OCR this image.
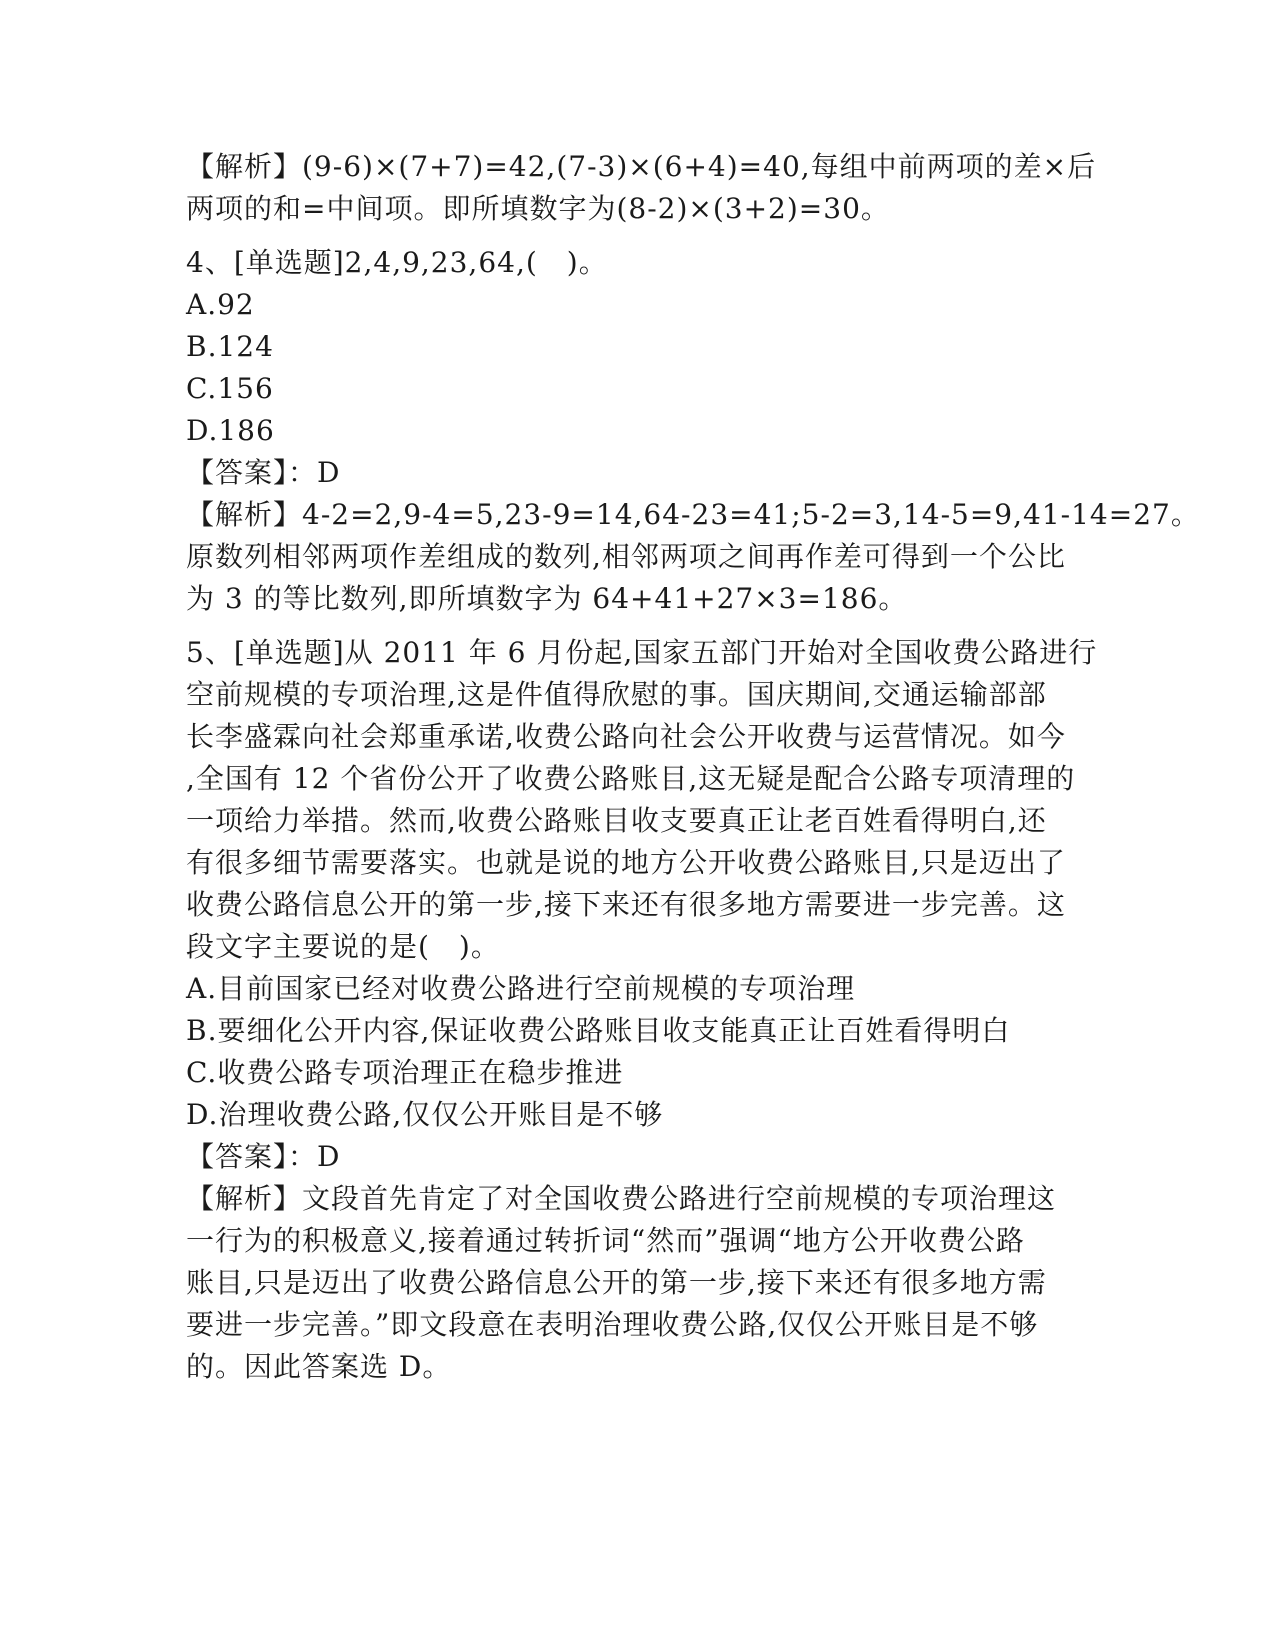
【解析】(9-6)×(7+7)=42,(7-3)×(6+4)=40,每组中前两项的差×后
两项的和=中间项。即所填数字为(8-2)×(3+2)=30。
4、[单选题]2,4,9,23,64,(　)。
A.92
B.124
C.156
D.186
【答案】：D
【解析】4-2=2,9-4=5,23-9=14,64-23=41;5-2=3,14-5=9,41-14=27。
原数列相邻两项作差组成的数列,相邻两项之间再作差可得到一个公比
为 3 的等比数列,即所填数字为 64+41+27×3=186。
5、[单选题]从 2011 年 6 月份起,国家五部门开始对全国收费公路进行
空前规模的专项治理,这是件值得欣慰的事。国庆期间,交通运输部部
长李盛霖向社会郑重承诺,收费公路向社会公开收费与运营情况。如今
,全国有 12 个省份公开了收费公路账目,这无疑是配合公路专项清理的
一项给力举措。然而,收费公路账目收支要真正让老百姓看得明白,还
有很多细节需要落实。也就是说的地方公开收费公路账目,只是迈出了
收费公路信息公开的第一步,接下来还有很多地方需要进一步完善。这
段文字主要说的是(　)。
A.目前国家已经对收费公路进行空前规模的专项治理
B.要细化公开内容,保证收费公路账目收支能真正让百姓看得明白
C.收费公路专项治理正在稳步推进
D.治理收费公路,仅仅公开账目是不够
【答案】：D
【解析】文段首先肯定了对全国收费公路进行空前规模的专项治理这
一行为的积极意义,接着通过转折词“然而”强调“地方公开收费公路
账目,只是迈出了收费公路信息公开的第一步,接下来还有很多地方需
要进一步完善。”即文段意在表明治理收费公路,仅仅公开账目是不够
的。因此答案选 D。
